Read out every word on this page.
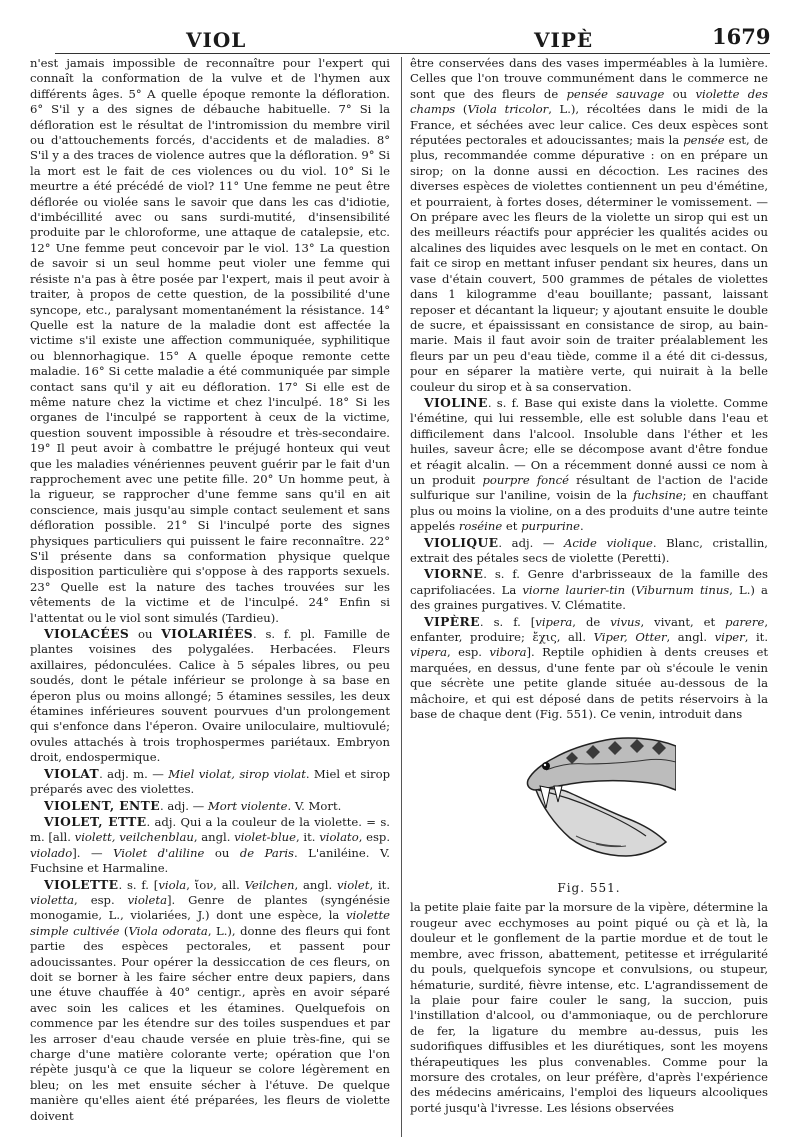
VIOL	VIPÈ	1679

n'est jamais impossible de reconnaître pour l'expert qui connaît la conformation de la vulve et de l'hymen aux différents âges. 5° A quelle époque remonte la défloration. 6° S'il y a des signes de débauche habituelle. 7° Si la défloration est le résultat de l'intromission du membre viril ou d'attouchements forcés, d'accidents et de maladies. 8° S'il y a des traces de violence autres que la défloration. 9° Si la mort est le fait de ces violences ou du viol. 10° Si le meurtre a été précédé de viol? 11° Une femme ne peut être déflorée ou violée sans le savoir que dans les cas d'idiotie, d'imbécillité avec ou sans surdi-mutité, d'insensibilité produite par le chloroforme, une attaque de catalepsie, etc. 12° Une femme peut concevoir par le viol. 13° La question de savoir si un seul homme peut violer une femme qui résiste n'a pas à être posée par l'expert, mais il peut avoir à traiter, à propos de cette question, de la possibilité d'une syncope, etc., paralysant momentanément la résistance. 14° Quelle est la nature de la maladie dont est affectée la victime s'il existe une affection communiquée, syphilitique ou blennorhagique. 15° A quelle époque remonte cette maladie. 16° Si cette maladie a été communiquée par simple contact sans qu'il y ait eu défloration. 17° Si elle est de même nature chez la victime et chez l'inculpé. 18° Si les organes de l'inculpé se rapportent à ceux de la victime, question souvent impossible à résoudre et très-secondaire. 19° Il peut avoir à combattre le préjugé honteux qui veut que les maladies vénériennes peuvent guérir par le fait d'un rapprochement avec une petite fille. 20° Un homme peut, à la rigueur, se rapprocher d'une femme sans qu'il en ait conscience, mais jusqu'au simple contact seulement et sans défloration possible. 21° Si l'inculpé porte des signes physiques particuliers qui puissent le faire reconnaître. 22° S'il présente dans sa conformation physique quelque disposition particulière qui s'oppose à des rapports sexuels. 23° Quelle est la nature des taches trouvées sur les vêtements de la victime et de l'inculpé. 24° Enfin si l'attentat ou le viol sont simulés (Tardieu).

VIOLACÉES ou VIOLARIÉES. s. f. pl. Famille de plantes voisines des polygalées. Herbacées. Fleurs axillaires, pédonculées. Calice à 5 sépales libres, ou peu soudés, dont le pétale inférieur se prolonge à sa base en éperon plus ou moins allongé; 5 étamines sessiles, les deux étamines inférieures souvent pourvues d'un prolongement qui s'enfonce dans l'éperon. Ovaire uniloculaire, multiovulé; ovules attachés à trois trophospermes pariétaux. Embryon droit, endospermique.

VIOLAT. adj. m. — Miel violat, sirop violat. Miel et sirop préparés avec des violettes.

VIOLENT, ENTE. adj. — Mort violente. V. Mort.

VIOLET, ETTE. adj. Qui a la couleur de la violette. = s. m. [all. violett, veilchenblau, angl. violet-blue, it. violato, esp. violado]. — Violet d'aliline ou de Paris. L'aniléine. V. Fuchsine et Harmaline.

VIOLETTE. s. f. [viola, ἴον, all. Veilchen, angl. violet, it. violetta, esp. violeta]. Genre de plantes (syngénésie monogamie, L., violariées, J.) dont une espèce, la violette simple cultivée (Viola odorata, L.), donne des fleurs qui font partie des espèces pectorales, et passent pour adoucissantes. Pour opérer la dessiccation de ces fleurs, on doit se borner à les faire sécher entre deux papiers, dans une étuve chauffée à 40° centigr., après en avoir séparé avec soin les calices et les étamines. Quelquefois on commence par les étendre sur des toiles suspendues et par les arroser d'eau chaude versée en pluie très-fine, qui se charge d'une matière colorante verte; opération que l'on répète jusqu'à ce que la liqueur se colore légèrement en bleu; on les met ensuite sécher à l'étuve. De quelque manière qu'elles aient été préparées, les fleurs de violette doivent

être conservées dans des vases imperméables à la lumière. Celles que l'on trouve communément dans le commerce ne sont que des fleurs de pensée sauvage ou violette des champs (Viola tricolor, L.), récoltées dans le midi de la France, et séchées avec leur calice. Ces deux espèces sont réputées pectorales et adoucissantes; mais la pensée est, de plus, recommandée comme dépurative : on en prépare un sirop; on la donne aussi en décoction. Les racines des diverses espèces de violettes contiennent un peu d'émétine, et pourraient, à fortes doses, déterminer le vomissement. — On prépare avec les fleurs de la violette un sirop qui est un des meilleurs réactifs pour apprécier les qualités acides ou alcalines des liquides avec lesquels on le met en contact. On fait ce sirop en mettant infuser pendant six heures, dans un vase d'étain couvert, 500 grammes de pétales de violettes dans 1 kilogramme d'eau bouillante; passant, laissant reposer et décantant la liqueur; y ajoutant ensuite le double de sucre, et épaississant en consistance de sirop, au bain-marie. Mais il faut avoir soin de traiter préalablement les fleurs par un peu d'eau tiède, comme il a été dit ci-dessus, pour en séparer la matière verte, qui nuirait à la belle couleur du sirop et à sa conservation.

VIOLINE. s. f. Base qui existe dans la violette. Comme l'émétine, qui lui ressemble, elle est soluble dans l'eau et difficilement dans l'alcool. Insoluble dans l'éther et les huiles, saveur âcre; elle se décompose avant d'être fondue et réagit alcalin. — On a récemment donné aussi ce nom à un produit pourpre foncé résultant de l'action de l'acide sulfurique sur l'aniline, voisin de la fuchsine; en chauffant plus ou moins la violine, on a des produits d'une autre teinte appelés roséine et purpurine.

VIOLIQUE. adj. — Acide violique. Blanc, cristallin, extrait des pétales secs de violette (Peretti).

VIORNE. s. f. Genre d'arbrisseaux de la famille des caprifoliacées. La viorne laurier-tin (Viburnum tinus, L.) a des graines purgatives. V. Clématite.

VIPÈRE. s. f. [vipera, de vivus, vivant, et parere, enfanter, produire; ἔχις, all. Viper, Otter, angl. viper, it. vipera, esp. vibora]. Reptile ophidien à dents creuses et marquées, en dessus, d'une fente par où s'écoule le venin que sécrète une petite glande située au-dessous de la mâchoire, et qui est déposé dans de petits réservoirs à la base de chaque dent (Fig. 551). Ce venin, introduit dans

Fig. 551.

la petite plaie faite par la morsure de la vipère, détermine la rougeur avec ecchymoses au point piqué ou çà et là, la douleur et le gonflement de la partie mordue et de tout le membre, avec frisson, abattement, petitesse et irrégularité du pouls, quelquefois syncope et convulsions, ou stupeur, hématurie, surdité, fièvre intense, etc. L'agrandissement de la plaie pour faire couler le sang, la succion, puis l'instillation d'alcool, ou d'ammoniaque, ou de perchlorure de fer, la ligature du membre au-dessus, puis les sudorifiques diffusibles et les diurétiques, sont les moyens thérapeutiques les plus convenables. Comme pour la morsure des crotales, on leur préfère, d'après l'expérience des médecins américains, l'emploi des liqueurs alcooliques porté jusqu'à l'ivresse. Les lésions observées
